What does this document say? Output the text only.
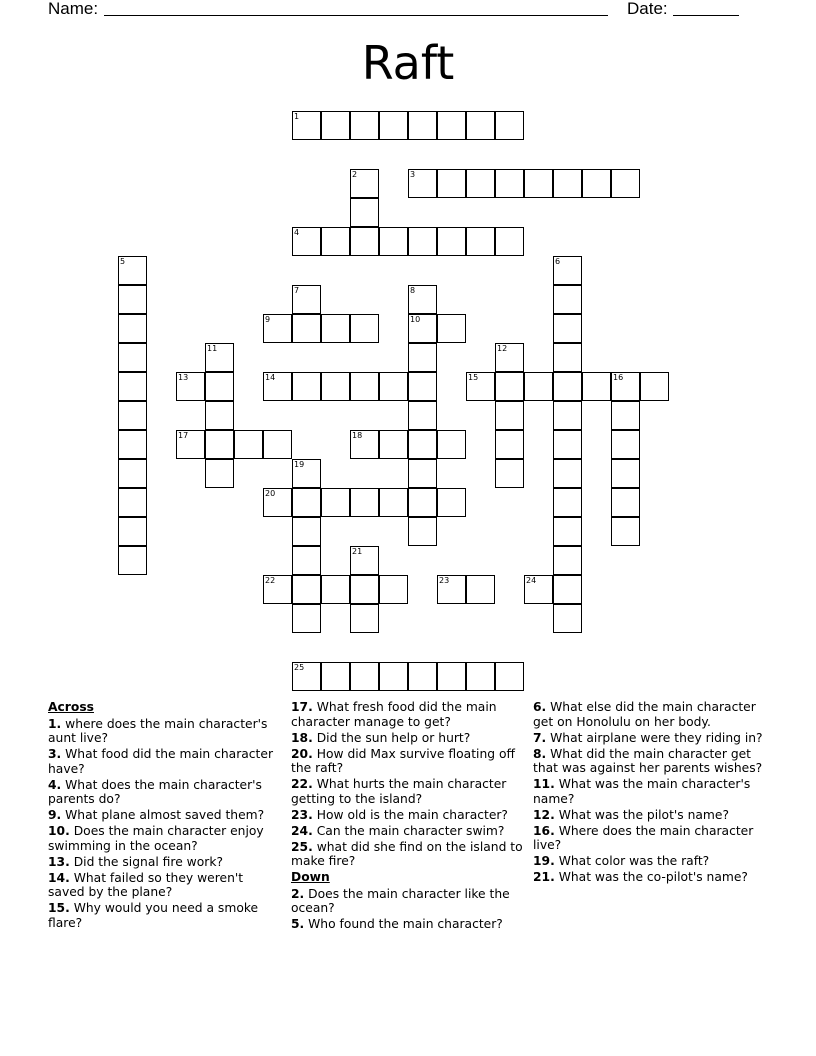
Name:	Date:
Raft
1
3
4
9	10
13	14	15	16
17	18
20
22	23	24
25
2
5	6
7	8
11	12
19
21
Across
1. where does the main character's aunt live?
3. What food did the main character have?
4. What does the main character's parents do?
9. What plane almost saved them?
10. Does the main character enjoy swimming in the ocean?
13. Did the signal fire work?
14. What failed so they weren't saved by the plane?
15. Why would you need a smoke flare?
17. What fresh food did the main character manage to get?
18. Did the sun help or hurt?
20. How did Max survive floating off the raft?
22. What hurts the main character getting to the island?
23. How old is the main character?
24. Can the main character swim?
25. what did she find on the island to make fire?
Down
2. Does the main character like the ocean?
5. Who found the main character?
6. What else did the main character get on Honolulu on her body.
7. What airplane were they riding in?
8. What did the main character get that was against her parents wishes?
11. What was the main character's name?
12. What was the pilot's name?
16. Where does the main character live?
19. What color was the raft?
21. What was the co-pilot's name?
